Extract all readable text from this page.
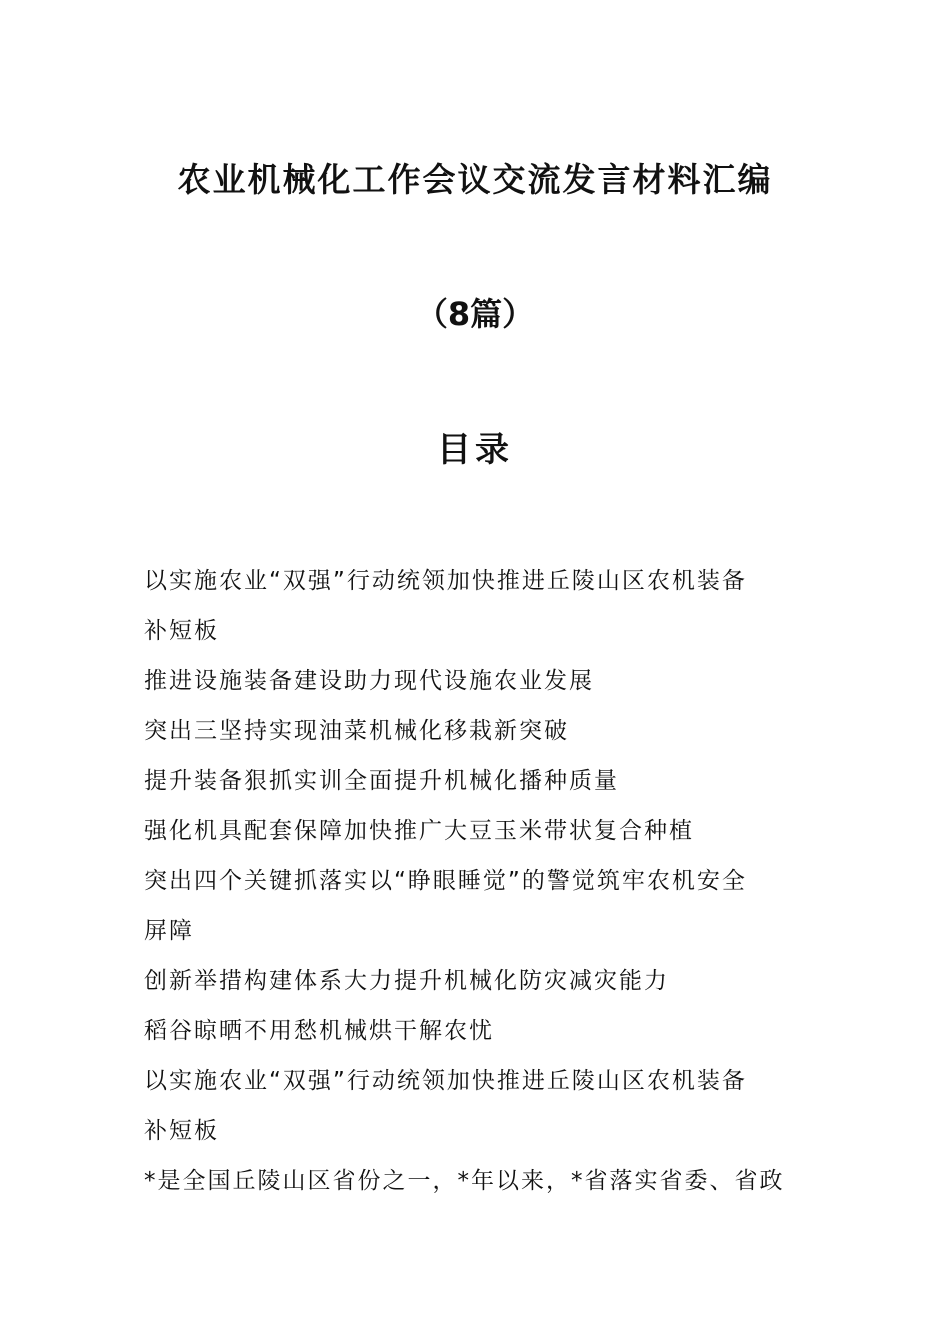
农业机械化工作会议交流发言材料汇编
（8篇）
目录
以实施农业“双强”行动统领加快推进丘陵山区农机装备
补短板
推进设施装备建设助力现代设施农业发展
突出三坚持实现油菜机械化移栽新突破
提升装备狠抓实训全面提升机械化播种质量
强化机具配套保障加快推广大豆玉米带状复合种植
突出四个关键抓落实以“睁眼睡觉”的警觉筑牢农机安全
屏障
创新举措构建体系大力提升机械化防灾减灾能力
稻谷晾晒不用愁机械烘干解农忧
以实施农业“双强”行动统领加快推进丘陵山区农机装备
补短板
*是全国丘陵山区省份之一，*年以来，*省落实省委、省政
